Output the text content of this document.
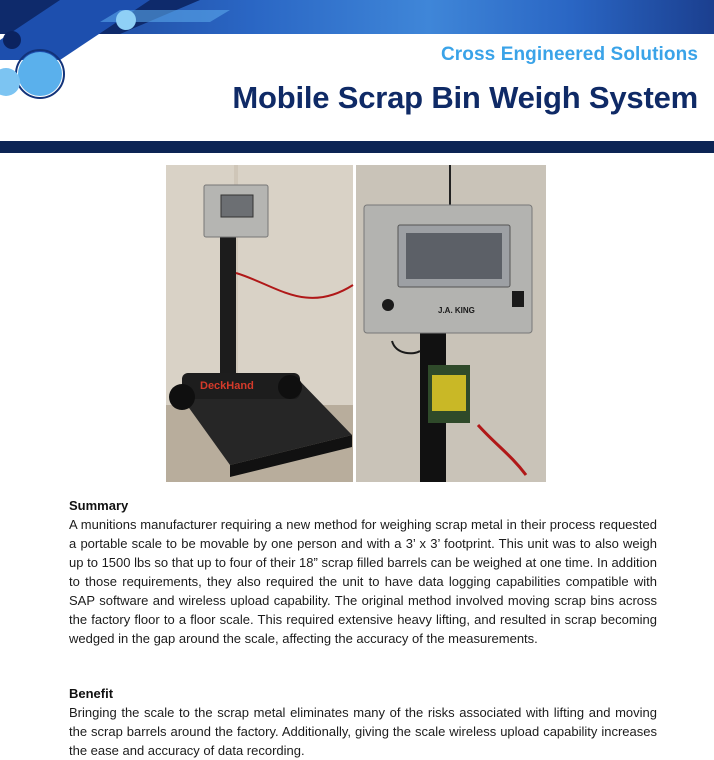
Cross Engineered Solutions
Mobile Scrap Bin Weigh System
DeckHand
J.A. KING
Summary

A munitions manufacturer requiring a new method for weighing scrap metal in their process requested a portable scale to be movable by one person and with a 3’ x 3’ footprint. This unit was to also weigh up to 1500 lbs so that up to four of their 18” scrap filled barrels can be weighed at one time. In addition to those requirements, they also required the unit to have data logging capabilities compatible with SAP software and wireless upload capability. The original method involved moving scrap bins across the factory floor to a floor scale. This required extensive heavy lifting, and resulted in scrap becoming wedged in the gap around the scale, affecting the accuracy of the measurements.

Benefit

Bringing the scale to the scrap metal eliminates many of the risks associated with lifting and moving the scrap barrels around the factory. Additionally, giving the scale wireless upload capability increases the ease and accuracy of data recording.
